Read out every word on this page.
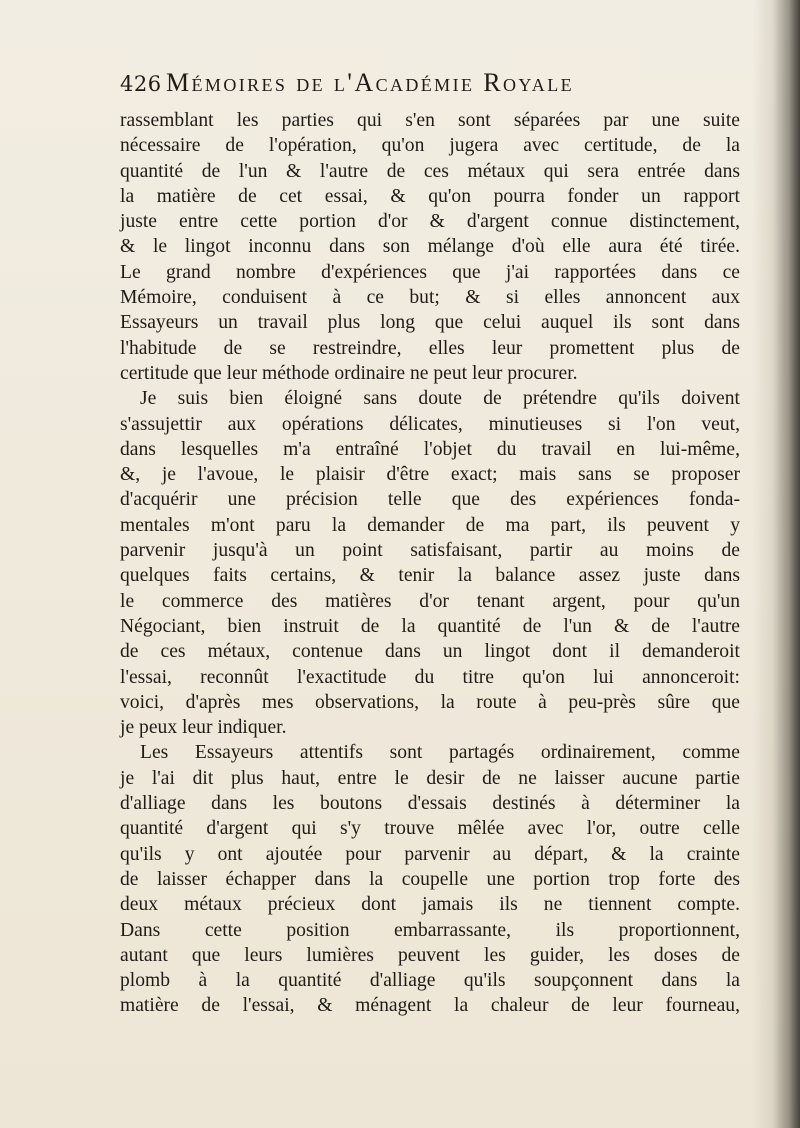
426 Mémoires de l'Académie Royale
rassemblant les parties qui s'en sont séparées par une suite
nécessaire de l'opération, qu'on jugera avec certitude, de la
quantité de l'un & l'autre de ces métaux qui sera entrée dans
la matière de cet essai, & qu'on pourra fonder un rapport
juste entre cette portion d'or & d'argent connue distinctement,
& le lingot inconnu dans son mélange d'où elle aura été tirée.
Le grand nombre d'expériences que j'ai rapportées dans ce
Mémoire, conduisent à ce but; & si elles annoncent aux
Essayeurs un travail plus long que celui auquel ils sont dans
l'habitude de se restreindre, elles leur promettent plus de
certitude que leur méthode ordinaire ne peut leur procurer.
Je suis bien éloigné sans doute de prétendre qu'ils doivent
s'assujettir aux opérations délicates, minutieuses si l'on veut,
dans lesquelles m'a entraîné l'objet du travail en lui-même,
&, je l'avoue, le plaisir d'être exact; mais sans se proposer
d'acquérir une précision telle que des expériences fonda-
mentales m'ont paru la demander de ma part, ils peuvent y
parvenir jusqu'à un point satisfaisant, partir au moins de
quelques faits certains, & tenir la balance assez juste dans
le commerce des matières d'or tenant argent, pour qu'un
Négociant, bien instruit de la quantité de l'un & de l'autre
de ces métaux, contenue dans un lingot dont il demanderoit
l'essai, reconnût l'exactitude du titre qu'on lui annonceroit:
voici, d'après mes observations, la route à peu-près sûre que
je peux leur indiquer.
Les Essayeurs attentifs sont partagés ordinairement, comme
je l'ai dit plus haut, entre le desir de ne laisser aucune partie
d'alliage dans les boutons d'essais destinés à déterminer la
quantité d'argent qui s'y trouve mêlée avec l'or, outre celle
qu'ils y ont ajoutée pour parvenir au départ, & la crainte
de laisser échapper dans la coupelle une portion trop forte des
deux métaux précieux dont jamais ils ne tiennent compte.
Dans cette position embarrassante, ils proportionnent,
autant que leurs lumières peuvent les guider, les doses de
plomb à la quantité d'alliage qu'ils soupçonnent dans la
matière de l'essai, & ménagent la chaleur de leur fourneau,
